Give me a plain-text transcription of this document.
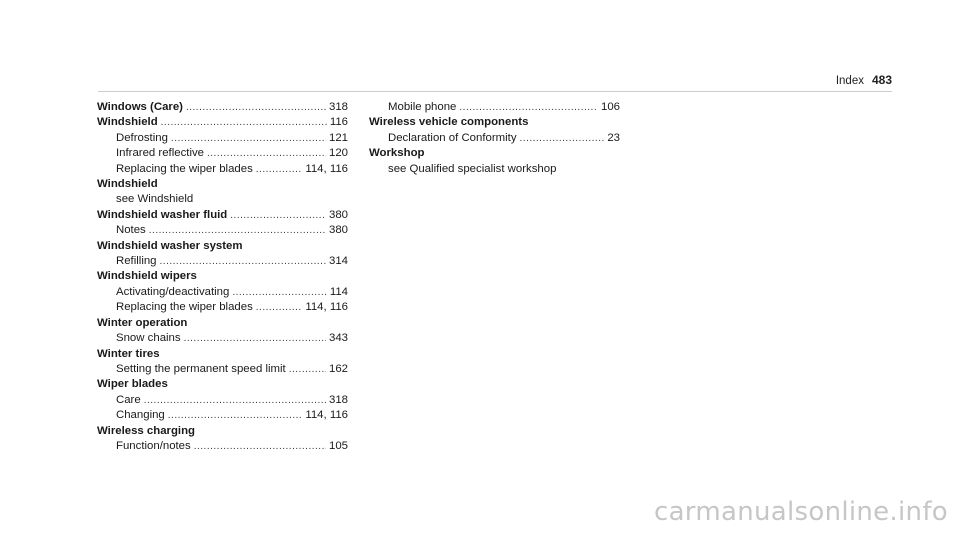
Index 483
Windows (Care) .....	318
Windshield .....	116
Defrosting .....	121
Infrared reflective .....	120
Replacing the wiper blades .....	114, 116
Windshield
see Windshield
Windshield washer fluid .....	380
Notes .....	380
Windshield washer system
Refilling .....	314
Windshield wipers
Activating/deactivating .....	114
Replacing the wiper blades .....	114, 116
Winter operation
Snow chains .....	343
Winter tires
Setting the permanent speed limit .....	162
Wiper blades
Care .....	318
Changing .....	114, 116
Wireless charging
Function/notes .....	105
Mobile phone .....	106
Wireless vehicle components
Declaration of Conformity .....	23
Workshop
see Qualified specialist workshop
carmanualsonline.info
